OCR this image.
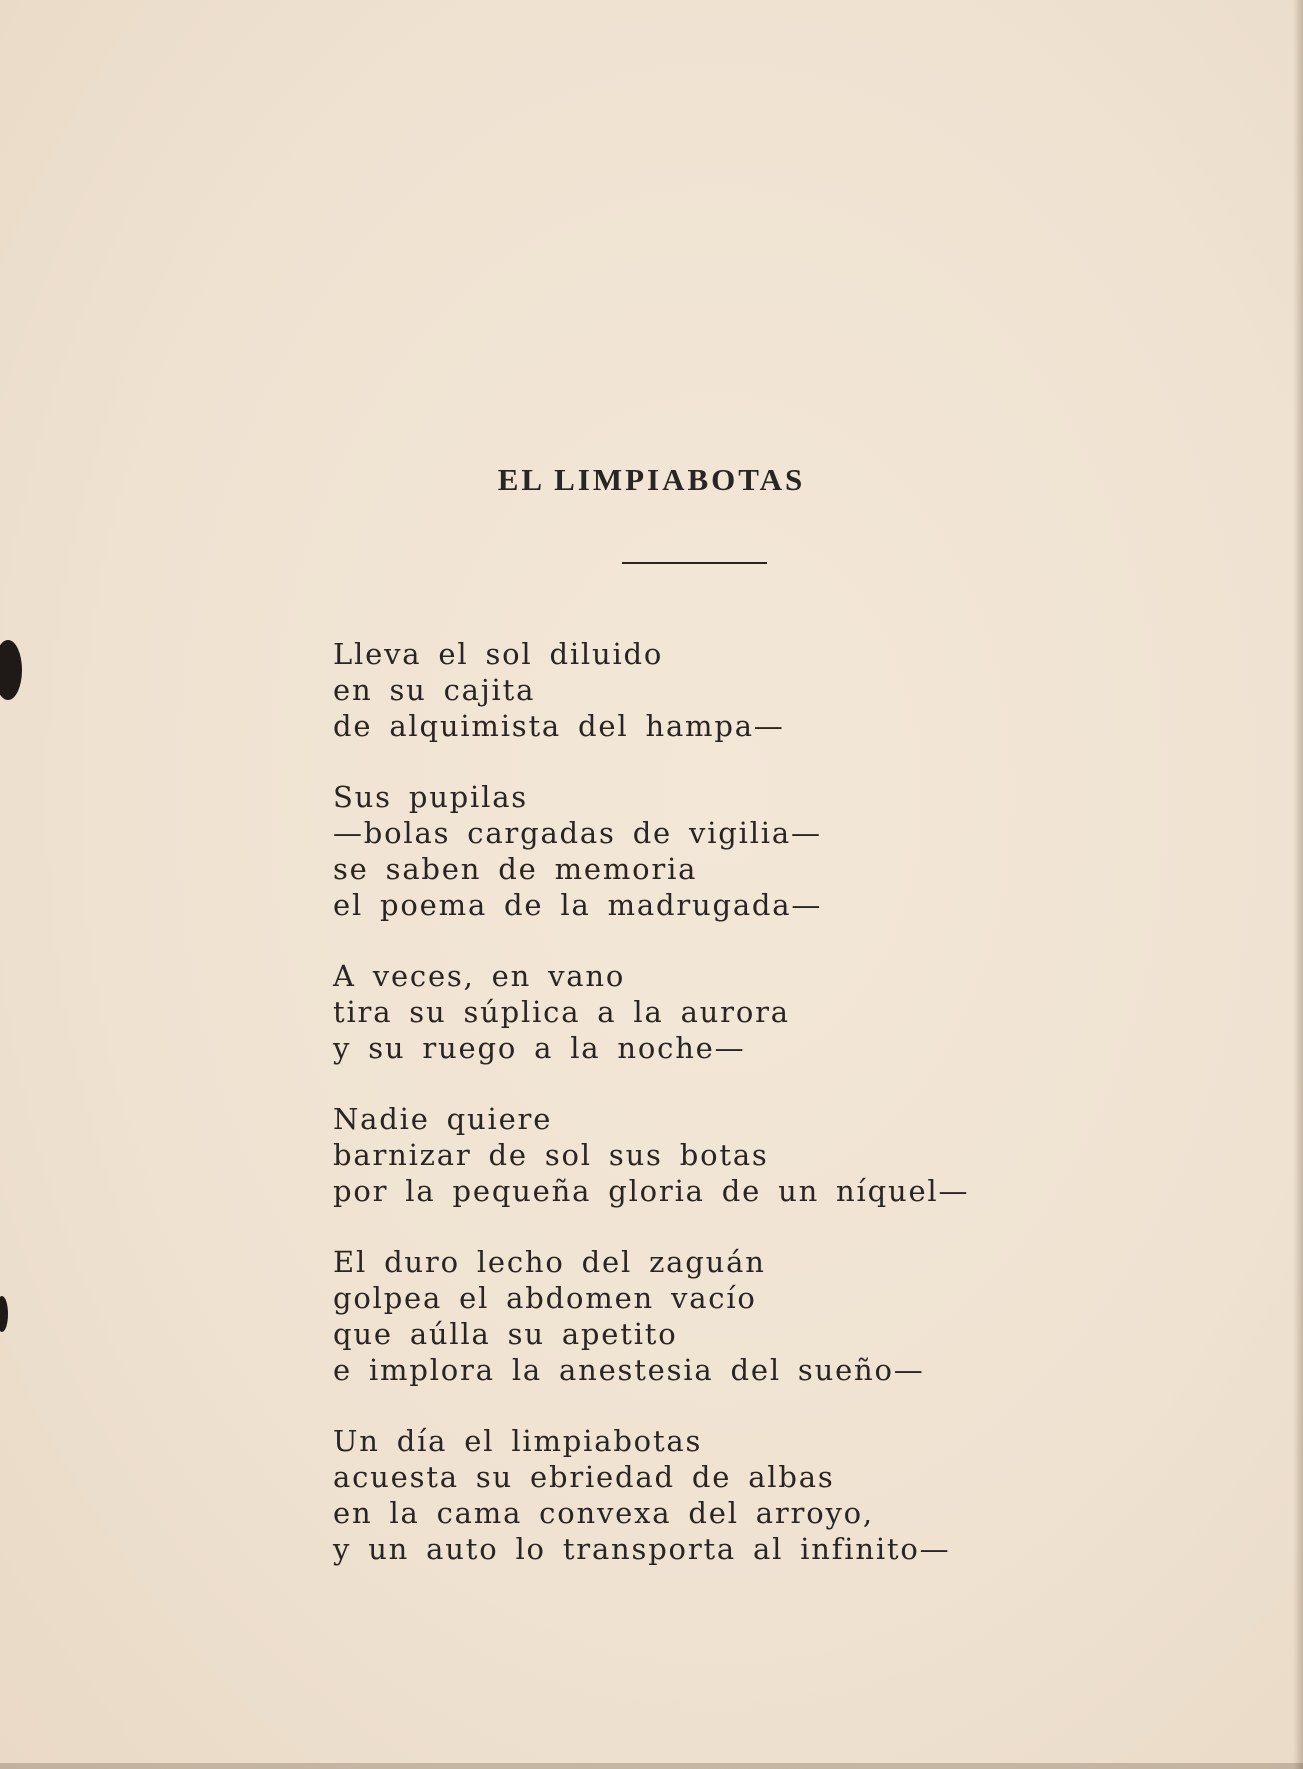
EL LIMPIABOTAS
Lleva el sol diluido
en su cajita
de alquimista del hampa—
Sus pupilas
—bolas cargadas de vigilia—
se saben de memoria
el poema de la madrugada—
A veces, en vano
tira su súplica a la aurora
y su ruego a la noche—
Nadie quiere
barnizar de sol sus botas
por la pequeña gloria de un níquel—
El duro lecho del zaguán
golpea el abdomen vacío
que aúlla su apetito
e implora la anestesia del sueño—
Un día el limpiabotas
acuesta su ebriedad de albas
en la cama convexa del arroyo,
y un auto lo transporta al infinito—
